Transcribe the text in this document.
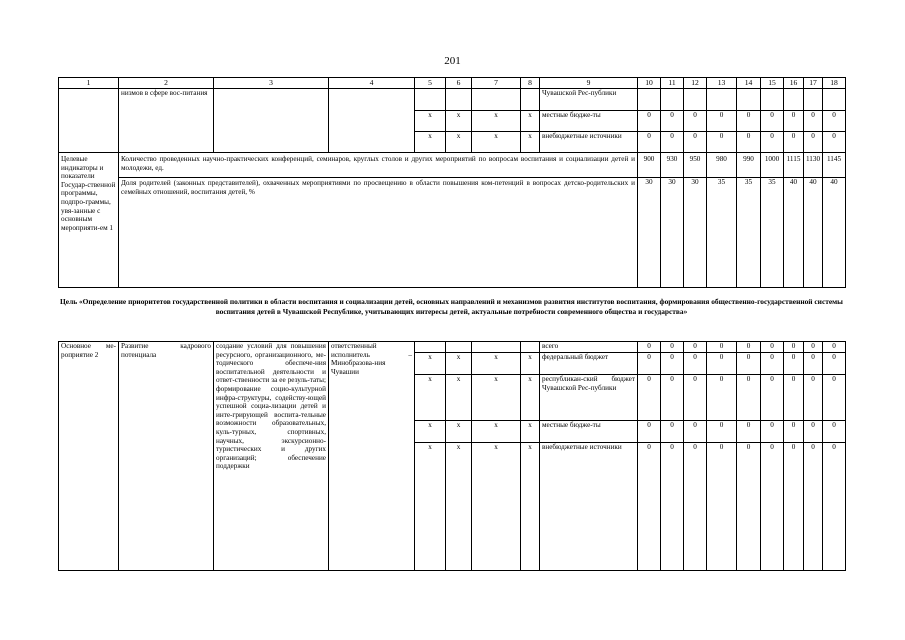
201
1	2	3	4	5	6	7	8	9	10	11	12	13	14	15	16	17	18
	низмов в сфере вос-питания							Чувашской Рес-публики									
				x	x	x	x	местные бюдже-ты	0	0	0	0	0	0	0	0	0
				x	x	x	x	внебюджетные источники	0	0	0	0	0	0	0	0	0
Целевые индикаторы и показатели Государ-ственной программы, подпро-граммы, увя-занные с основным мероприяти-ем 1	Количество проведенных научно-практических конференций, семинаров, круглых столов и других мероприятий по вопросам воспитания и социализации детей и молодежи, ед.								900	930	950	980	990	1000	1115	1130	1145
	Доля родителей (законных представителей), охваченных мероприятиями по просвещению в области повышения ком-петенций в вопросах детско-родительских и семейных отношений, воспитания детей, %								30	30	30	35	35	35	40	40	40
Цель «Определение приоритетов государственной политики в области воспитания и социализации детей, основных направлений и механизмов развития институтов воспитания, формирования общественно-государственной системы воспитания детей в Чувашской Республике, учитывающих интересы детей, актуальные потребности современного общества и государства»
Основное ме-роприятие 2	Развитие кадрового потенциала	создание условий для повышения ресурсного, организационного, ме-тодического обеспече-ния воспитательной деятельности и ответ-ственности за ее резуль-таты; формирование социо-культурной инфра-структуры, содейству-ющей успешной социа-лизации детей и инте-грирующей воспита-тельные возможности образовательных, куль-турных, спортивных, научных, экскурсионно-туристических и других организаций; обеспечение поддержки	ответственный исполнитель – Минобразова-ния Чувашии					всего	0	0	0	0	0	0	0	0	0
				x	x	x	x	федеральный бюджет	0	0	0	0	0	0	0	0	0
				x	x	x	x	республикан-ский бюджет Чувашской Рес-публики	0	0	0	0	0	0	0	0	0
				x	x	x	x	местные бюдже-ты	0	0	0	0	0	0	0	0	0
				x	x	x	x	внебюджетные источники	0	0	0	0	0	0	0	0	0
